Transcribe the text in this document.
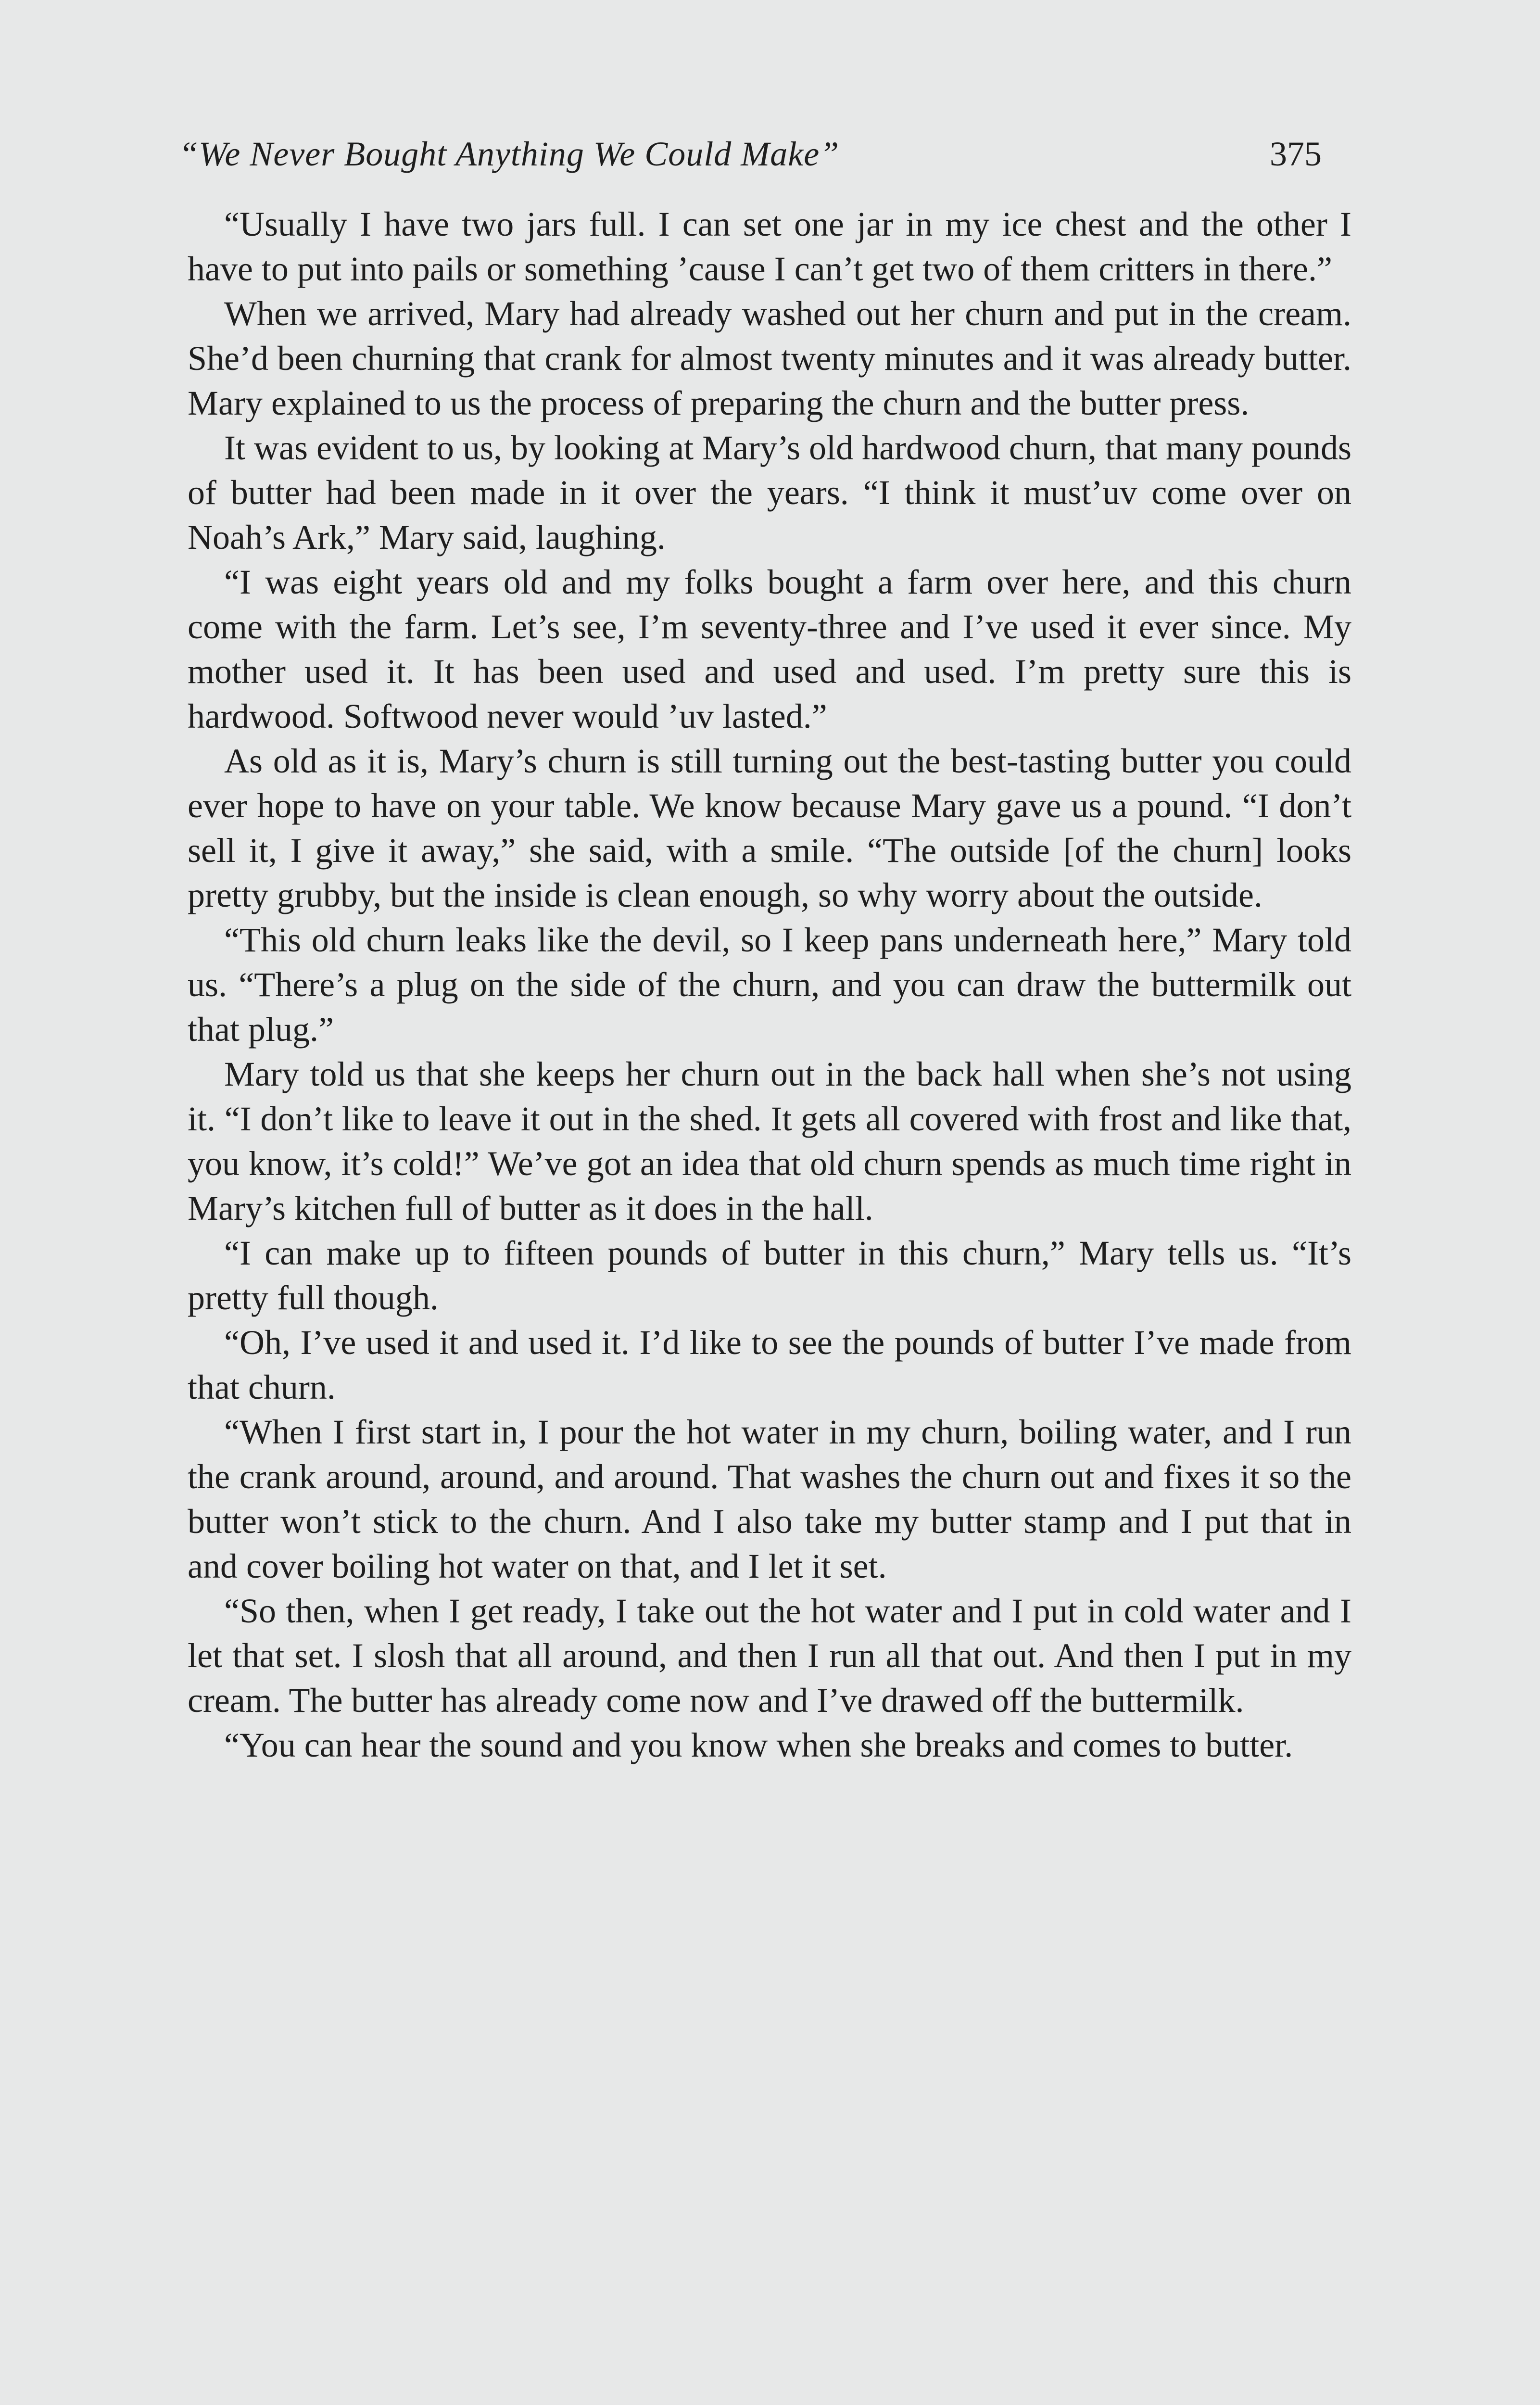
“We Never Bought Anything We Could Make”	375

“Usually I have two jars full. I can set one jar in my ice chest and the other I have to put into pails or something ’cause I can’t get two of them critters in there.”

When we arrived, Mary had already washed out her churn and put in the cream. She’d been churning that crank for almost twenty minutes and it was already butter. Mary explained to us the process of preparing the churn and the butter press.

It was evident to us, by looking at Mary’s old hardwood churn, that many pounds of butter had been made in it over the years. “I think it must’uv come over on Noah’s Ark,” Mary said, laughing.

“I was eight years old and my folks bought a farm over here, and this churn come with the farm. Let’s see, I’m seventy-three and I’ve used it ever since. My mother used it. It has been used and used and used. I’m pretty sure this is hardwood. Softwood never would ’uv lasted.”

As old as it is, Mary’s churn is still turning out the best-tasting butter you could ever hope to have on your table. We know because Mary gave us a pound. “I don’t sell it, I give it away,” she said, with a smile. “The outside [of the churn] looks pretty grubby, but the inside is clean enough, so why worry about the outside.

“This old churn leaks like the devil, so I keep pans underneath here,” Mary told us. “There’s a plug on the side of the churn, and you can draw the buttermilk out that plug.”

Mary told us that she keeps her churn out in the back hall when she’s not using it. “I don’t like to leave it out in the shed. It gets all covered with frost and like that, you know, it’s cold!” We’ve got an idea that old churn spends as much time right in Mary’s kitchen full of butter as it does in the hall.

“I can make up to fifteen pounds of butter in this churn,” Mary tells us. “It’s pretty full though.

“Oh, I’ve used it and used it. I’d like to see the pounds of butter I’ve made from that churn.

“When I first start in, I pour the hot water in my churn, boiling water, and I run the crank around, around, and around. That washes the churn out and fixes it so the butter won’t stick to the churn. And I also take my butter stamp and I put that in and cover boiling hot water on that, and I let it set.

“So then, when I get ready, I take out the hot water and I put in cold water and I let that set. I slosh that all around, and then I run all that out. And then I put in my cream. The butter has already come now and I’ve drawed off the buttermilk.

“You can hear the sound and you know when she breaks and comes to butter.
